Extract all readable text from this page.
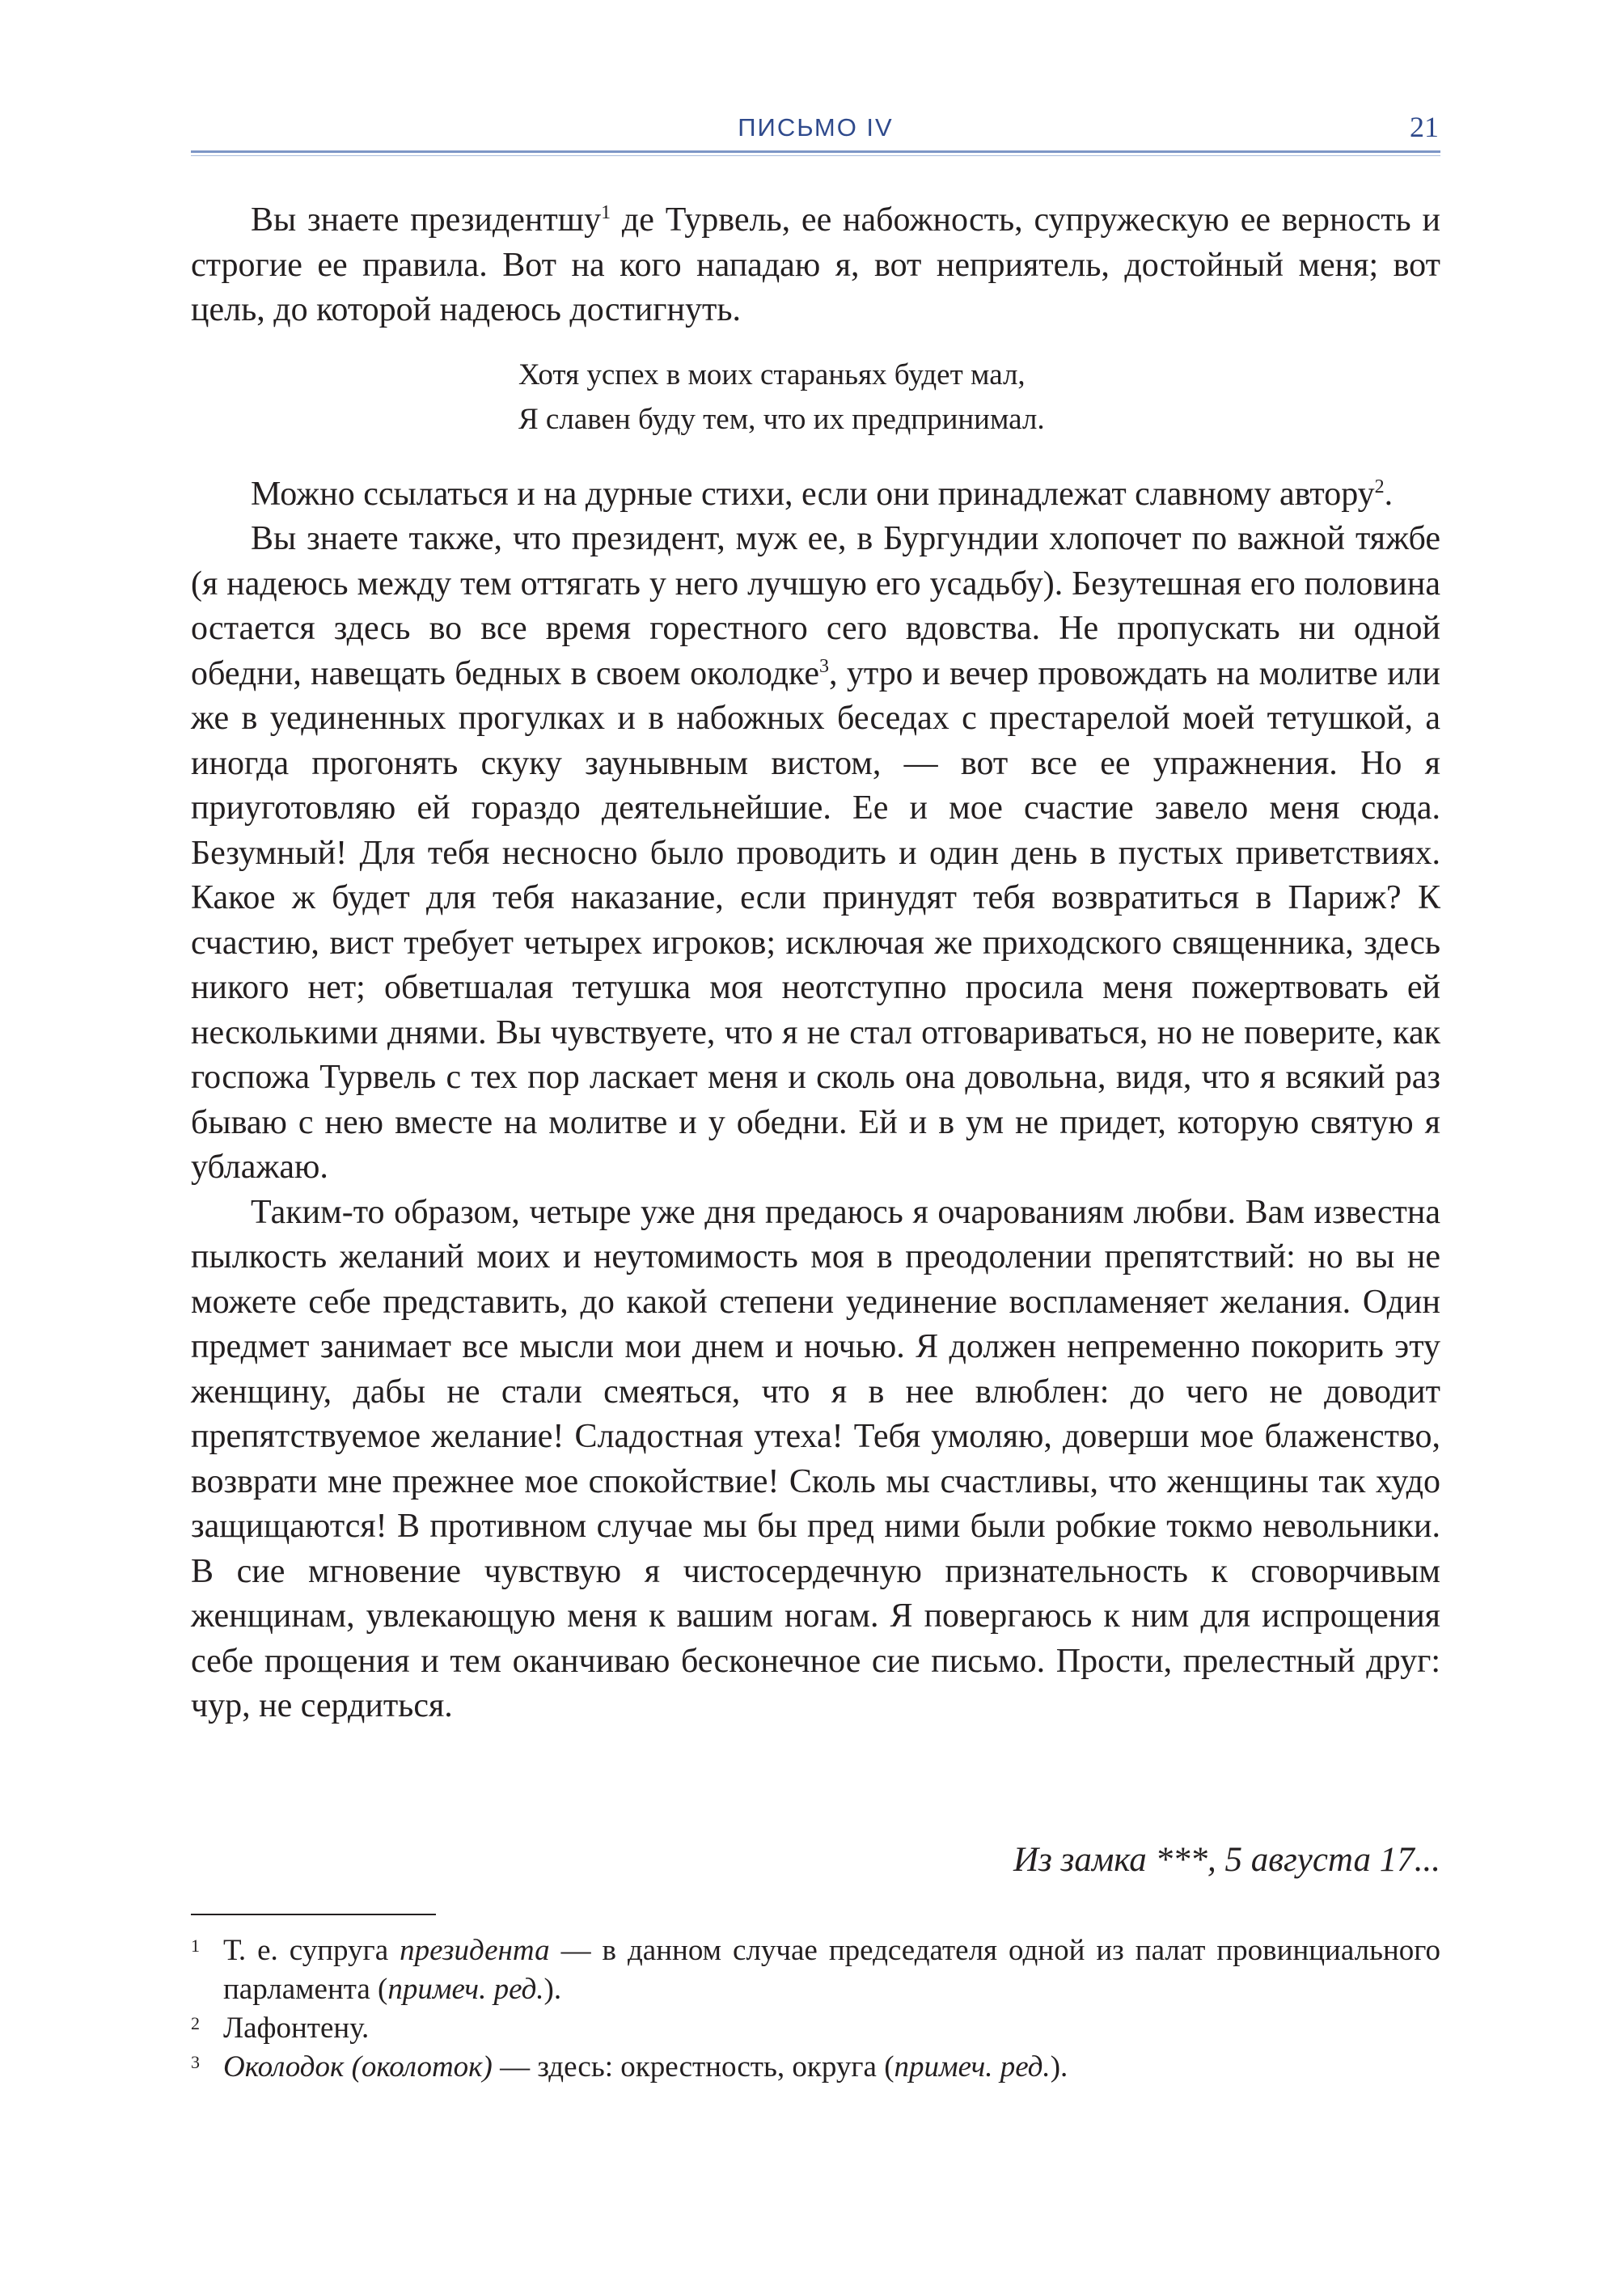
ПИСЬМО IV	21

Вы знаете президентшу$^1$ де Турвель, ее набожность, супружескую ее верность и строгие ее правила. Вот на кого нападаю я, вот неприятель, достойный меня; вот цель, до которой надеюсь достигнуть.

Хотя успех в моих стараньях будет мал,
Я славен буду тем, что их предпринимал.

Можно ссылаться и на дурные стихи, если они принадлежат славному автору$^2$.

Вы знаете также, что президент, муж ее, в Бургундии хлопочет по важной тяжбе (я надеюсь между тем оттягать у него лучшую его усадьбу). Безутешная его половина остается здесь во все время горестного сего вдовства. Не пропускать ни одной обедни, навещать бедных в своем околодке$^3$, утро и вечер провождать на молитве или же в уединенных прогулках и в набожных беседах с престарелой моей тетушкой, а иногда прогонять скуку заунывным вистом, — вот все ее упражнения. Но я приуготовляю ей гораздо деятельнейшие. Ее и мое счастие завело меня сюда. Безумный! Для тебя несносно было проводить и один день в пустых приветствиях. Какое ж будет для тебя наказание, если принудят тебя возвратиться в Париж? К счастию, вист требует четырех игроков; исключая же приходского священника, здесь никого нет; обветшалая тетушка моя неотступно просила меня пожертвовать ей несколькими днями. Вы чувствуете, что я не стал отговариваться, но не поверите, как госпожа Турвель с тех пор ласкает меня и сколь она довольна, видя, что я всякий раз бываю с нею вместе на молитве и у обедни. Ей и в ум не придет, которую святую я ублажаю.

Таким-то образом, четыре уже дня предаюсь я очарованиям любви. Вам известна пылкость желаний моих и неутомимость моя в преодолении препятствий: но вы не можете себе представить, до какой степени уединение воспламеняет желания. Один предмет занимает все мысли мои днем и ночью. Я должен непременно покорить эту женщину, дабы не стали смеяться, что я в нее влюблен: до чего не доводит препятствуемое желание! Сладостная утеха! Тебя умоляю, доверши мое блаженство, возврати мне прежнее мое спокойствие! Сколь мы счастливы, что женщины так худо защищаются! В противном случае мы бы пред ними были робкие токмо невольники. В сие мгновение чувствую я чистосердечную признательность к сговорчивым женщинам, увлекающую меня к вашим ногам. Я повергаюсь к ним для испрощения себе прощения и тем оканчиваю бесконечное сие письмо. Прости, прелестный друг: чур, не сердиться.

Из замка ***, 5 августа 17...

1 Т. е. супруга президента — в данном случае председателя одной из палат провинциального парламента (примеч. ред.).

2 Лафонтену.

3 Околодок (околоток) — здесь: окрестность, округа (примеч. ред.).
